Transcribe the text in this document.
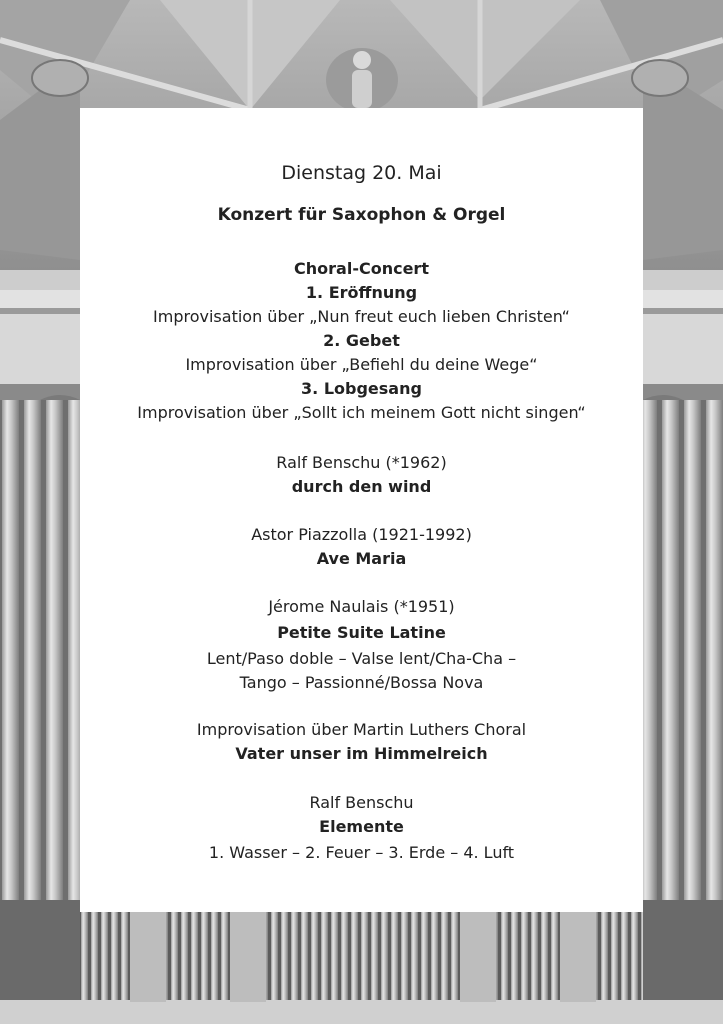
Dienstag 20. Mai
Konzert für Saxophon & Orgel
Choral-Concert
1. Eröffnung
Improvisation über „Nun freut euch lieben Christen“
2. Gebet
Improvisation über „Befiehl du deine Wege“
3. Lobgesang
Improvisation über „Sollt ich meinem Gott nicht singen“
Ralf Benschu (*1962)
durch den wind
Astor Piazzolla (1921-1992)
Ave Maria
Jérome Naulais (*1951)
Petite Suite Latine
Lent/Paso doble – Valse lent/Cha-Cha –
Tango – Passionné/Bossa Nova
Improvisation über Martin Luthers Choral
Vater unser im Himmelreich
Ralf Benschu
Elemente
1. Wasser – 2. Feuer – 3. Erde – 4. Luft
